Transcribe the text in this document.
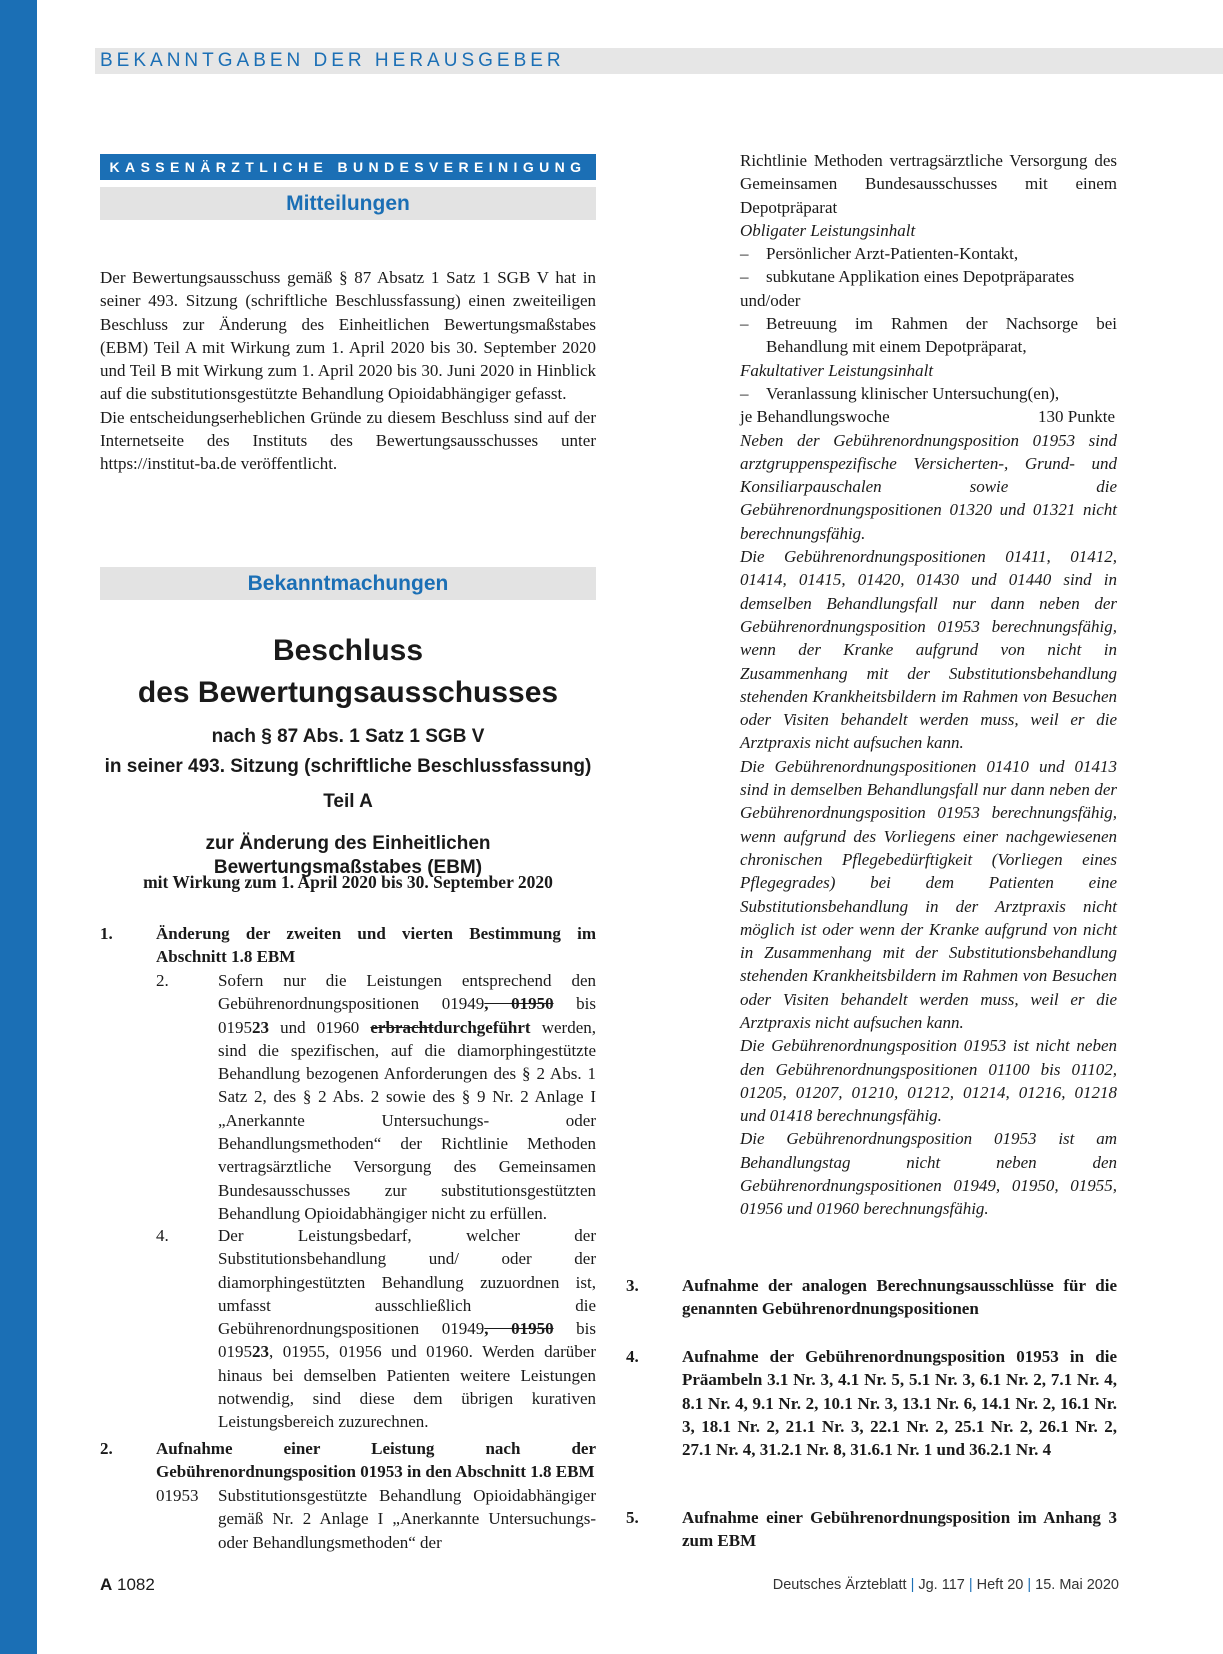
BEKANNTGABEN DER HERAUSGEBER
KASSENÄRZTLICHE BUNDESVEREINIGUNG
Mitteilungen

Der Bewertungsausschuss gemäß § 87 Absatz 1 Satz 1 SGB V hat in seiner 493. Sitzung (schriftliche Beschlussfassung) einen zweiteiligen Beschluss zur Änderung des Einheitlichen Bewertungsmaßstabes (EBM) Teil A mit Wirkung zum 1. April 2020 bis 30. September 2020 und Teil B mit Wirkung zum 1. April 2020 bis 30. Juni 2020 in Hinblick auf die substitutionsgestützte Behandlung Opioidabhängiger gefasst.

Die entscheidungserheblichen Gründe zu diesem Beschluss sind auf der Internetseite des Instituts des Bewertungsausschusses unter https://institut-ba.de veröffentlicht.

Bekanntmachungen
Beschluss
des Bewertungsausschusses
nach § 87 Abs. 1 Satz 1 SGB V
in seiner 493. Sitzung (schriftliche Beschlussfassung)
Teil A
zur Änderung des Einheitlichen Bewertungsmaßstabes (EBM)
mit Wirkung zum 1. April 2020 bis 30. September 2020
1.	Änderung der zweiten und vierten Bestimmung im Abschnitt 1.8 EBM
2.	Sofern nur die Leistungen entsprechend den Gebührenordnungspositionen 01949, 01950 bis 019523 und 01960 erbrachtdurchgeführt werden, sind die spezifischen, auf die diamorphingestützte Behandlung bezogenen Anforderungen des § 2 Abs. 1 Satz 2, des § 2 Abs. 2 sowie des § 9 Nr. 2 Anlage I „Anerkannte Untersuchungs- oder Behandlungsmethoden“ der Richtlinie Methoden vertragsärztliche Versorgung des Gemeinsamen Bundesausschusses zur substitutionsgestützten Behandlung Opioidabhängiger nicht zu erfüllen.
4.	Der Leistungsbedarf, welcher der Substitutionsbehandlung und/ oder der diamorphingestützten Behandlung zuzuordnen ist, umfasst ausschließlich die Gebührenordnungspositionen 01949, 01950 bis 019523, 01955, 01956 und 01960. Werden darüber hinaus bei demselben Patienten weitere Leistungen notwendig, sind diese dem übrigen kurativen Leistungsbereich zuzurechnen.
2.	Aufnahme einer Leistung nach der Gebührenordnungsposition 01953 in den Abschnitt 1.8 EBM
01953 Substitutionsgestützte Behandlung Opioidabhängiger gemäß Nr. 2 Anlage I „Anerkannte Untersuchungs- oder Behandlungsmethoden“ der

Richtlinie Methoden vertragsärztliche Versorgung des Gemeinsamen Bundesausschusses mit einem Depotpräparat

Obligater Leistungsinhalt

– Persönlicher Arzt-Patienten-Kontakt,
– subkutane Applikation eines Depotpräparates

und/oder

– Betreuung im Rahmen der Nachsorge bei Behandlung mit einem Depotpräparat,

Fakultativer Leistungsinhalt

– Veranlassung klinischer Untersuchung(en),
je Behandlungswoche	130 Punkte

Neben der Gebührenordnungsposition 01953 sind arztgruppenspezifische Versicherten-, Grund- und Konsiliarpauschalen sowie die Gebührenordnungspositionen 01320 und 01321 nicht berechnungsfähig.

Die Gebührenordnungspositionen 01411, 01412, 01414, 01415, 01420, 01430 und 01440 sind in demselben Behandlungsfall nur dann neben der Gebührenordnungsposition 01953 berechnungsfähig, wenn der Kranke aufgrund von nicht in Zusammenhang mit der Substitutionsbehandlung stehenden Krankheitsbildern im Rahmen von Besuchen oder Visiten behandelt werden muss, weil er die Arztpraxis nicht aufsuchen kann.

Die Gebührenordnungspositionen 01410 und 01413 sind in demselben Behandlungsfall nur dann neben der Gebührenordnungsposition 01953 berechnungsfähig, wenn aufgrund des Vorliegens einer nachgewiesenen chronischen Pflegebedürftigkeit (Vorliegen eines Pflegegrades) bei dem Patienten eine Substitutionsbehandlung in der Arztpraxis nicht möglich ist oder wenn der Kranke aufgrund von nicht in Zusammenhang mit der Substitutionsbehandlung stehenden Krankheitsbildern im Rahmen von Besuchen oder Visiten behandelt werden muss, weil er die Arztpraxis nicht aufsuchen kann.

Die Gebührenordnungsposition 01953 ist nicht neben den Gebührenordnungspositionen 01100 bis 01102, 01205, 01207, 01210, 01212, 01214, 01216, 01218 und 01418 berechnungsfähig.

Die Gebührenordnungsposition 01953 ist am Behandlungstag nicht neben den Gebührenordnungspositionen 01949, 01950, 01955, 01956 und 01960 berechnungsfähig.

3.	Aufnahme der analogen Berechnungsausschlüsse für die genannten Gebührenordnungspositionen
4.	Aufnahme der Gebührenordnungsposition 01953 in die Präambeln 3.1 Nr. 3, 4.1 Nr. 5, 5.1 Nr. 3, 6.1 Nr. 2, 7.1 Nr. 4, 8.1 Nr. 4, 9.1 Nr. 2, 10.1 Nr. 3, 13.1 Nr. 6, 14.1 Nr. 2, 16.1 Nr. 3, 18.1 Nr. 2, 21.1 Nr. 3, 22.1 Nr. 2, 25.1 Nr. 2, 26.1 Nr. 2, 27.1 Nr. 4, 31.2.1 Nr. 8, 31.6.1 Nr. 1 und 36.2.1 Nr. 4
5.	Aufnahme einer Gebührenordnungsposition im Anhang 3 zum EBM
A 1082	Deutsches Ärzteblatt | Jg. 117 | Heft 20 | 15. Mai 2020
